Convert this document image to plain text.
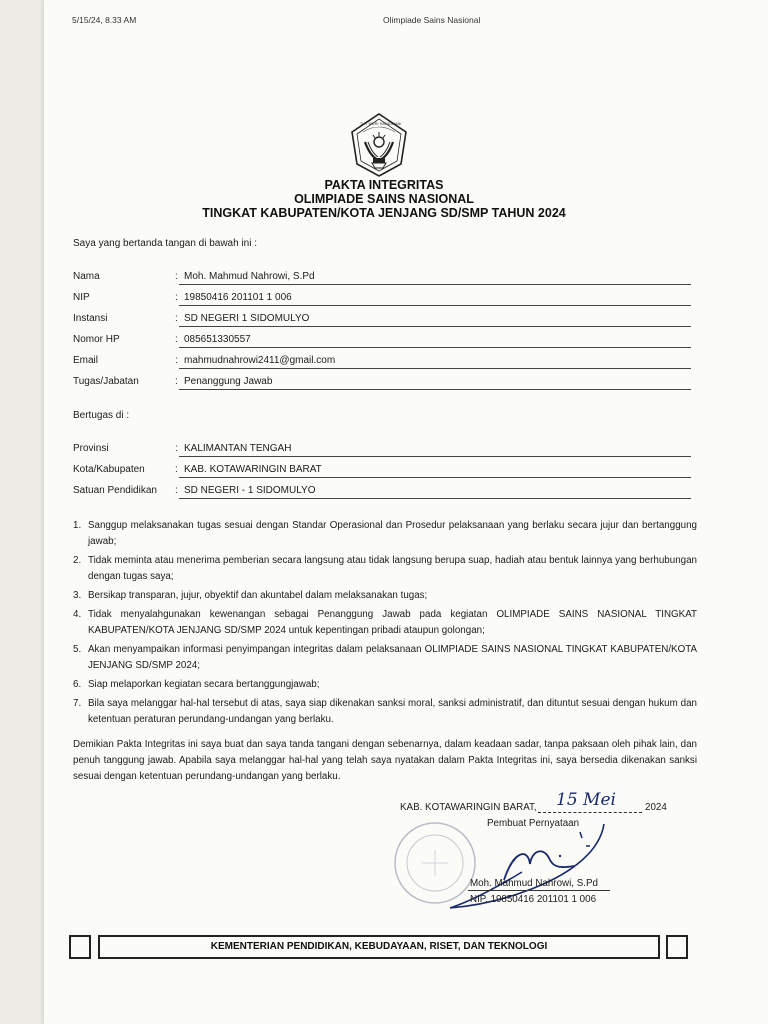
5/15/24, 8.33 AM	Olimpiade Sains Nasional
TUT WURI HANDAYANI
PAKTA INTEGRITAS
OLIMPIADE SAINS NASIONAL
TINGKAT KABUPATEN/KOTA JENJANG SD/SMP TAHUN 2024
Saya yang bertanda tangan di bawah ini :
Nama	: Moh. Mahmud Nahrowi, S.Pd
NIP	: 19850416 201101 1 006
Instansi	: SD NEGERI 1 SIDOMULYO
Nomor HP	: 085651330557
Email	: mahmudnahrowi2411@gmail.com
Tugas/Jabatan	: Penanggung Jawab
Bertugas di :
Provinsi	: KALIMANTAN TENGAH
Kota/Kabupaten	: KAB. KOTAWARINGIN BARAT
Satuan Pendidikan : SD NEGERI - 1 SIDOMULYO
1. Sanggup melaksanakan tugas sesuai dengan Standar Operasional dan Prosedur pelaksanaan yang berlaku secara jujur dan bertanggung jawab;
2. Tidak meminta atau menerima pemberian secara langsung atau tidak langsung berupa suap, hadiah atau bentuk lainnya yang berhubungan dengan tugas saya;
3. Bersikap transparan, jujur, obyektif dan akuntabel dalam melaksanakan tugas;
4. Tidak menyalahgunakan kewenangan sebagai Penanggung Jawab pada kegiatan OLIMPIADE SAINS NASIONAL TINGKAT KABUPATEN/KOTA JENJANG SD/SMP 2024 untuk kepentingan pribadi ataupun golongan;
5. Akan menyampaikan informasi penyimpangan integritas dalam pelaksanaan OLIMPIADE SAINS NASIONAL TINGKAT KABUPATEN/KOTA JENJANG SD/SMP 2024;
6. Siap melaporkan kegiatan secara bertanggungjawab;
7. Bila saya melanggar hal-hal tersebut di atas, saya siap dikenakan sanksi moral, sanksi administratif, dan dituntut sesuai dengan hukum dan ketentuan peraturan perundang-undangan yang berlaku.
Demikian Pakta Integritas ini saya buat dan saya tanda tangani dengan sebenarnya, dalam keadaan sadar, tanpa paksaan oleh pihak lain, dan penuh tanggung jawab. Apabila saya melanggar hal-hal yang telah saya nyatakan dalam Pakta Integritas ini, saya bersedia dikenakan sanksi sesuai dengan ketentuan perundang-undangan yang berlaku.
KAB. KOTAWARINGIN BARAT, 15 Mei	2024
Pembuat Pernyataan
Moh. Mahmud Nahrowi, S.Pd
NIP. 19850416 201101 1 006
KEMENTERIAN PENDIDIKAN, KEBUDAYAAN, RISET, DAN TEKNOLOGI
